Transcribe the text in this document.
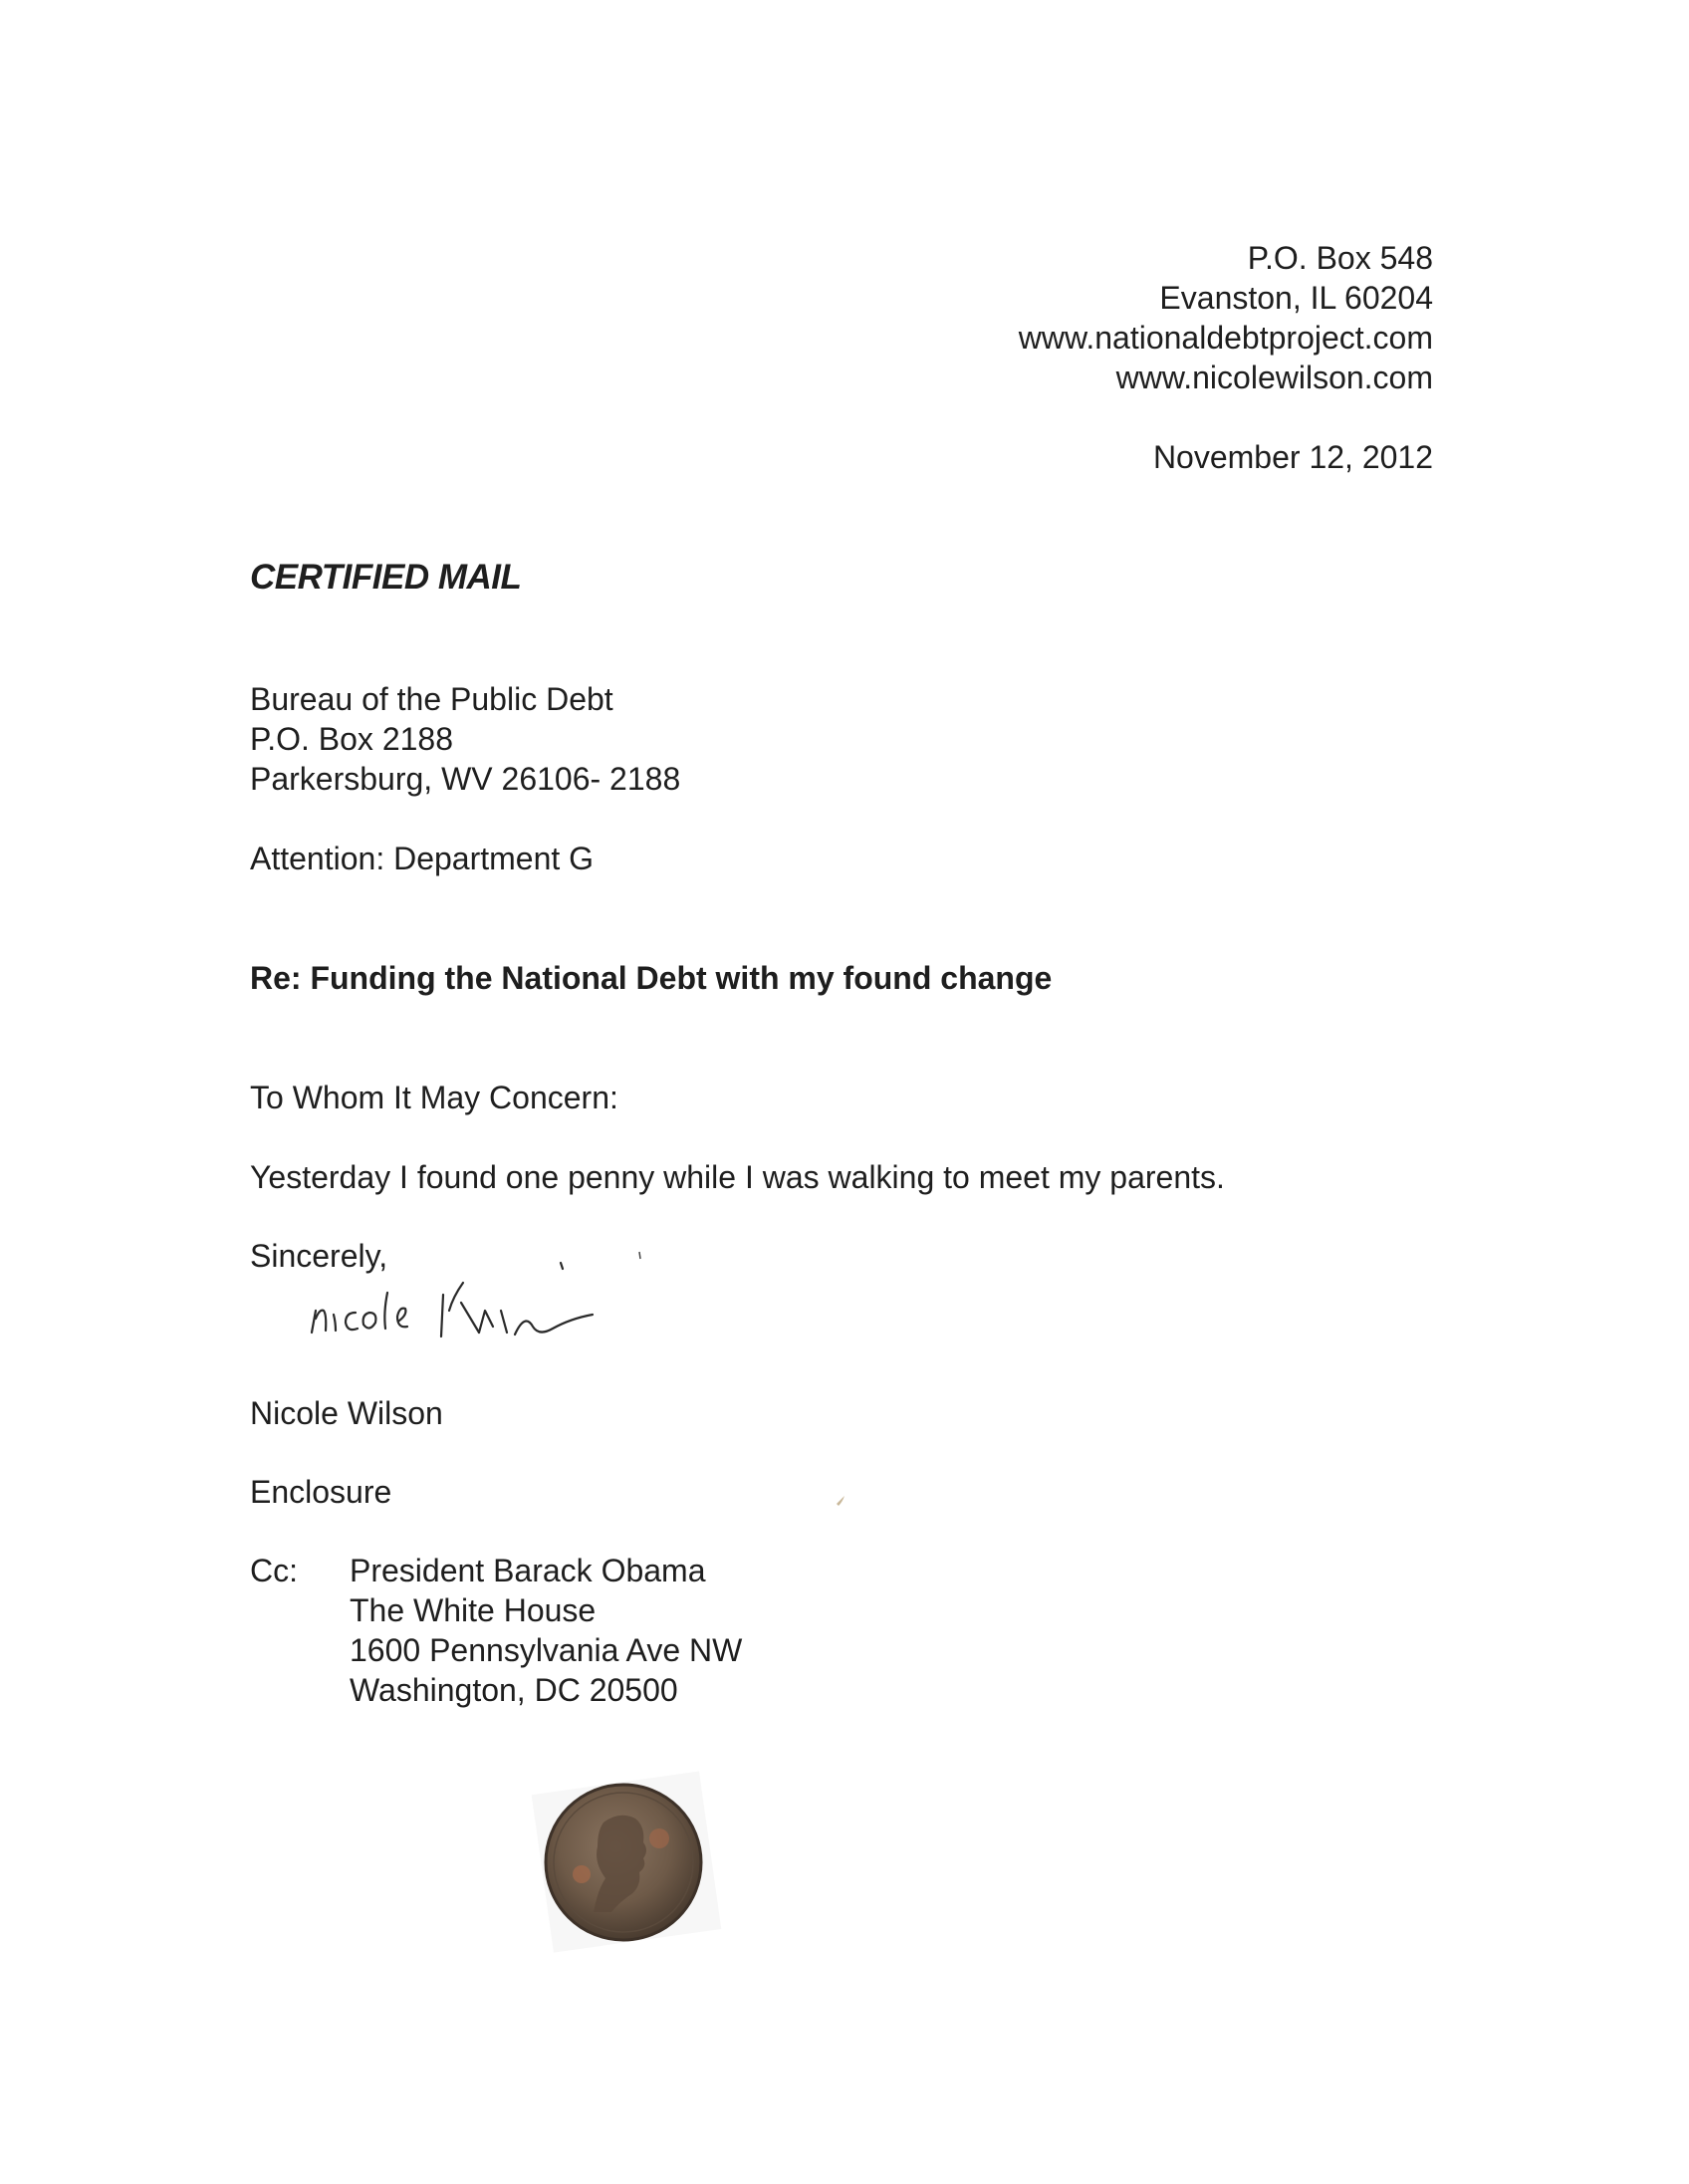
P.O. Box 548
Evanston, IL 60204
www.nationaldebtproject.com
www.nicolewilson.com
November 12, 2012
CERTIFIED MAIL
Bureau of the Public Debt
P.O. Box 2188
Parkersburg, WV 26106- 2188
Attention: Department G
Re: Funding the National Debt with my found change
To Whom It May Concern:
Yesterday I found one penny while I was walking to meet my parents.
Sincerely,
Nicole Wilson
Enclosure
Cc:	President Barack Obama
The White House
1600 Pennsylvania Ave NW
Washington, DC 20500
